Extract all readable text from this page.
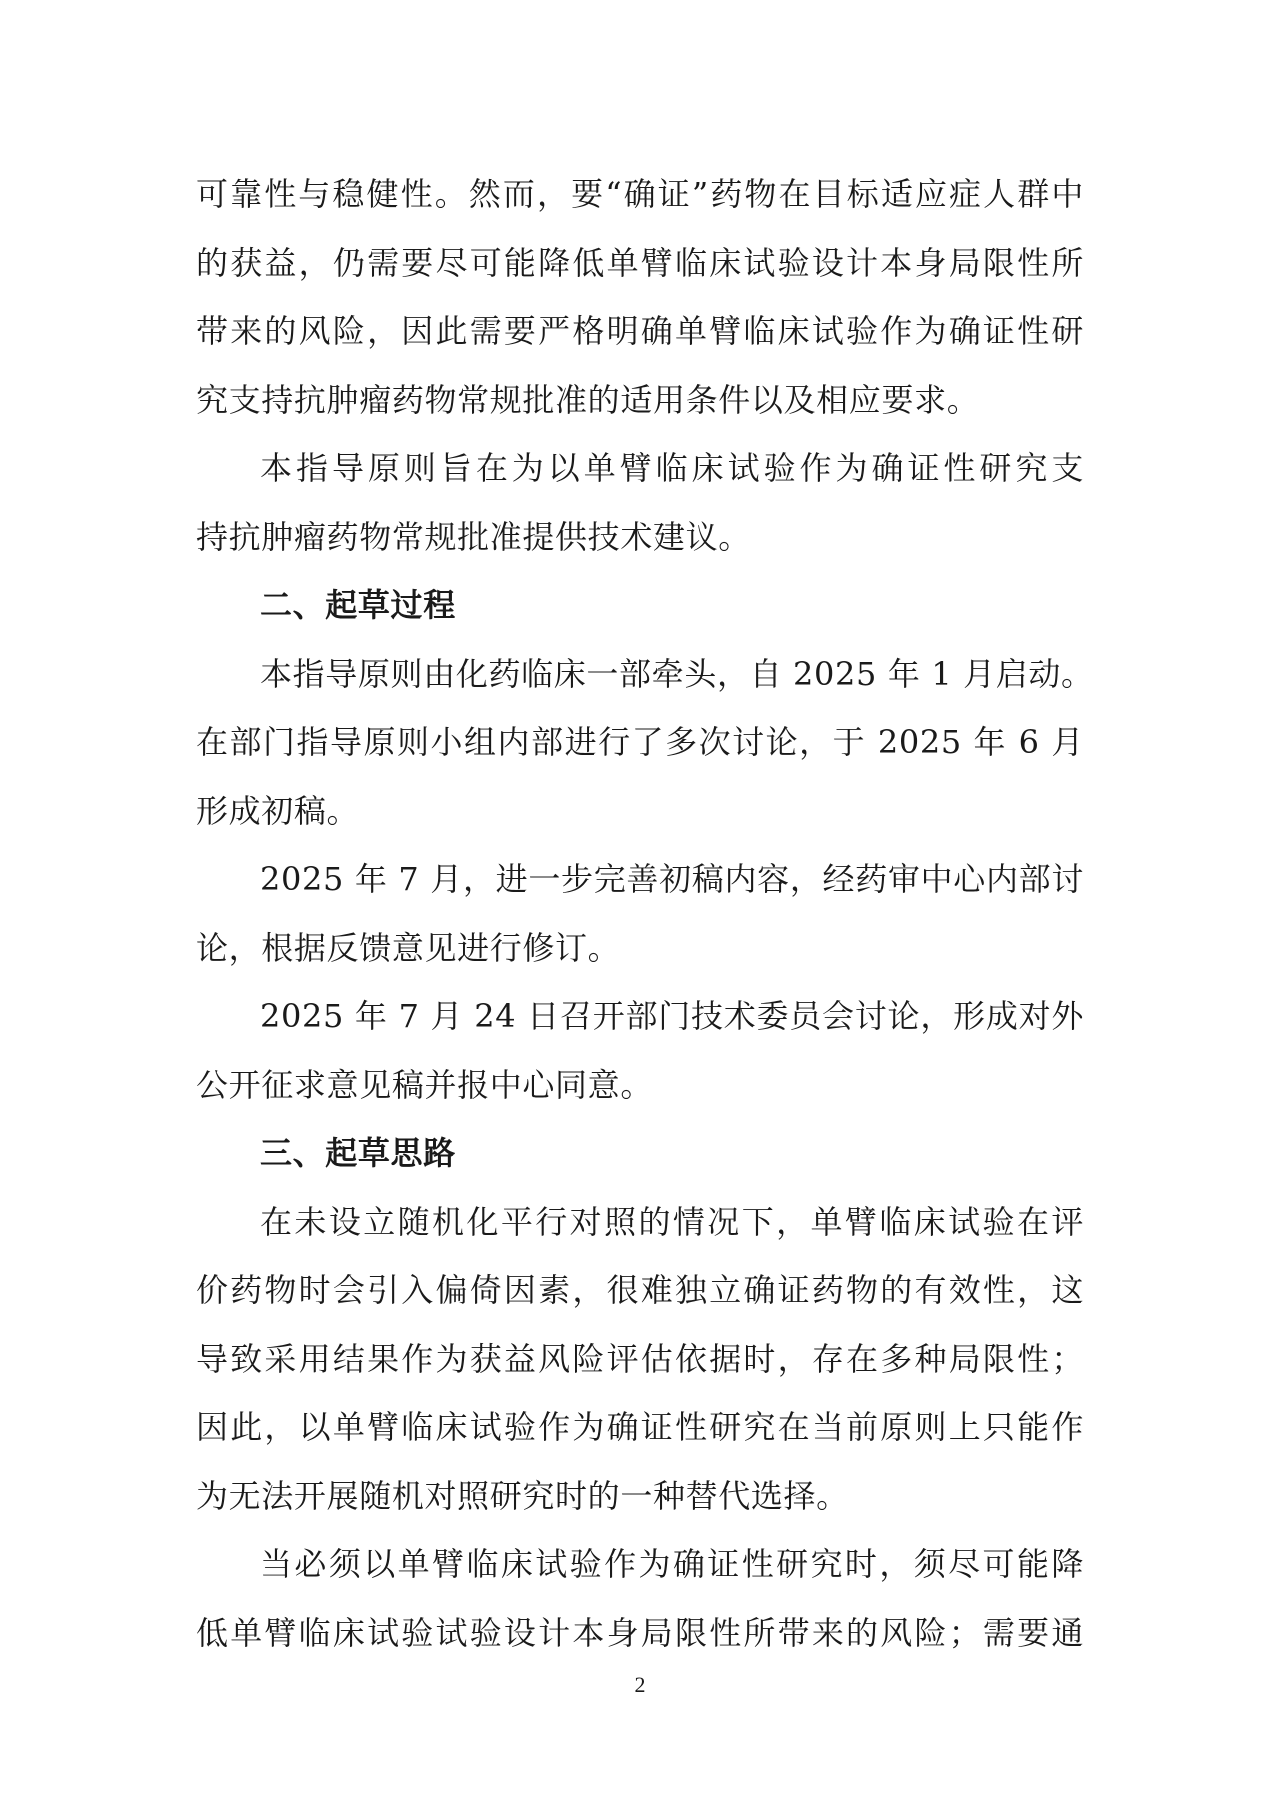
可靠性与稳健性。然而，要“确证”药物在目标适应症人群中
的获益，仍需要尽可能降低单臂临床试验设计本身局限性所
带来的风险，因此需要严格明确单臂临床试验作为确证性研
究支持抗肿瘤药物常规批准的适用条件以及相应要求。
本指导原则旨在为以单臂临床试验作为确证性研究支
持抗肿瘤药物常规批准提供技术建议。
二、起草过程
本指导原则由化药临床一部牵头，自 2025 年 1 月启动。
在部门指导原则小组内部进行了多次讨论，于 2025 年 6 月
形成初稿。
2025 年 7 月，进一步完善初稿内容，经药审中心内部讨
论，根据反馈意见进行修订。
2025 年 7 月 24 日召开部门技术委员会讨论，形成对外
公开征求意见稿并报中心同意。
三、起草思路
在未设立随机化平行对照的情况下，单臂临床试验在评
价药物时会引入偏倚因素，很难独立确证药物的有效性，这
导致采用结果作为获益风险评估依据时，存在多种局限性；
因此，以单臂临床试验作为确证性研究在当前原则上只能作
为无法开展随机对照研究时的一种替代选择。
当必须以单臂临床试验作为确证性研究时，须尽可能降
低单臂临床试验试验设计本身局限性所带来的风险；需要通
2
